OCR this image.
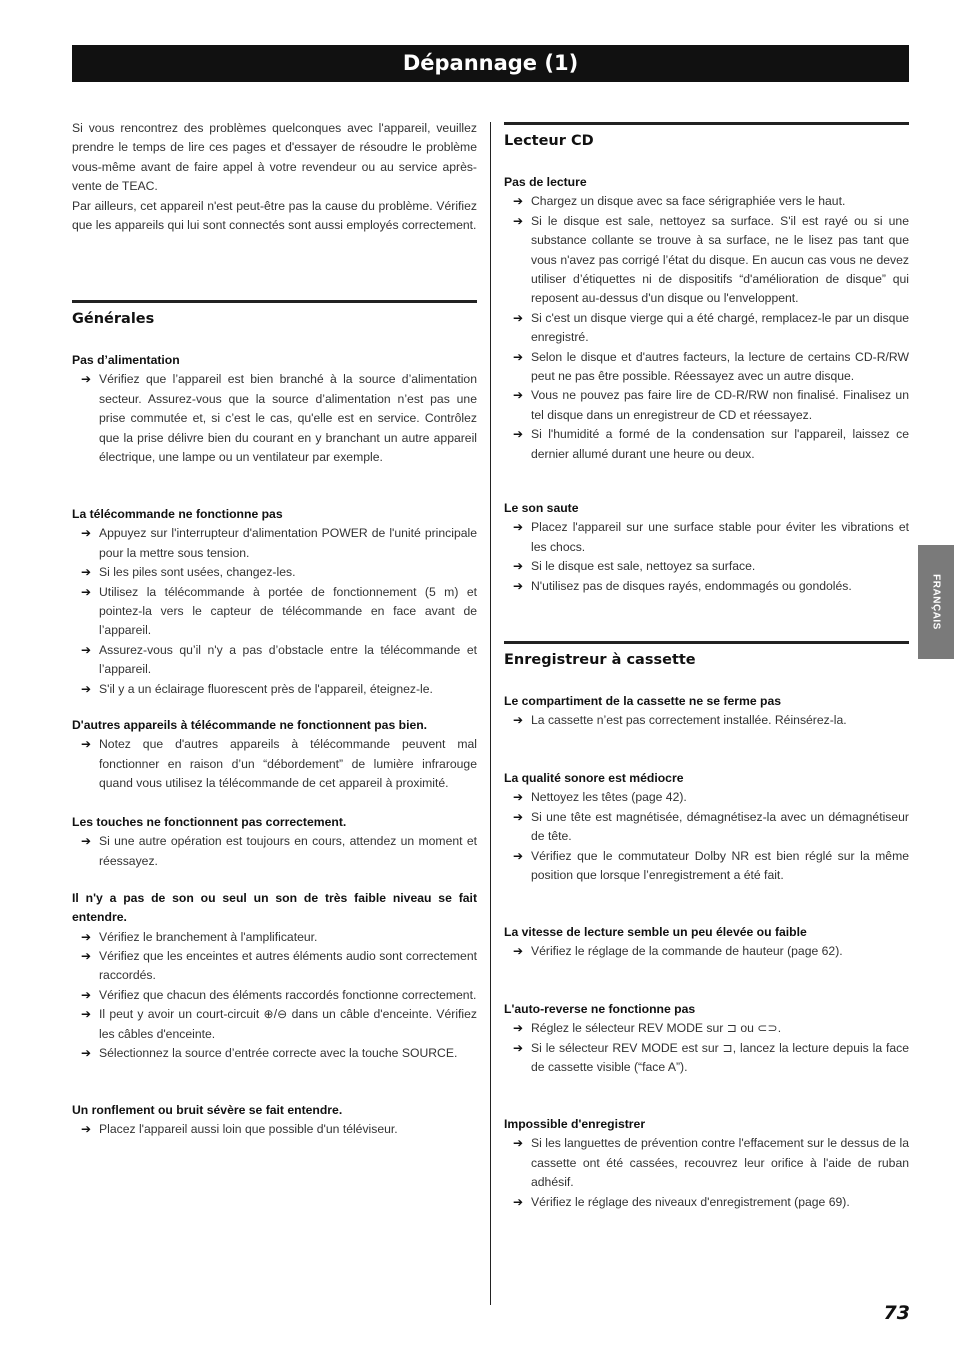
Dépannage (1)

Si vous rencontrez des problèmes quelconques avec l'appareil, veuillez prendre le temps de lire ces pages et d'essayer de résoudre le problème vous-même avant de faire appel à votre revendeur ou au service après-vente de TEAC.

Par ailleurs, cet appareil n'est peut-être pas la cause du problème. Vérifiez que les appareils qui lui sont connectés sont aussi employés correctement.

Générales
Pas d’alimentation
➔ Vérifiez que l’appareil est bien branché à la source d’alimentation secteur. Assurez-vous que la source d’alimentation n’est pas une prise commutée et, si c’est le cas, qu'elle est en service. Contrôlez que la prise délivre bien du courant en y branchant un autre appareil électrique, une lampe ou un ventilateur par exemple.
La télécommande ne fonctionne pas
➔ Appuyez sur l'interrupteur d'alimentation POWER de l'unité principale pour la mettre sous tension.
➔ Si les piles sont usées, changez-les.
➔ Utilisez la télécommande à portée de fonctionnement (5 m) et pointez-la vers le capteur de télécommande en face avant de l’appareil.
➔ Assurez-vous qu’il n'y a pas d’obstacle entre la télécommande et l’appareil.
➔ S'il y a un éclairage fluorescent près de l'appareil, éteignez-le.
D'autres appareils à télécommande ne fonctionnent pas bien.
➔ Notez que d'autres appareils à télécommande peuvent mal fonctionner en raison d’un “débordement” de lumière infrarouge quand vous utilisez la télécommande de cet appareil à proximité.
Les touches ne fonctionnent pas correctement.
➔ Si une autre opération est toujours en cours, attendez un moment et réessayez.
Il n'y a pas de son ou seul un son de très faible niveau se fait entendre.
➔ Vérifiez le branchement à l'amplificateur.
➔ Vérifiez que les enceintes et autres éléments audio sont correctement raccordés.
➔ Vérifiez que chacun des éléments raccordés fonctionne correctement.
➔ Il peut y avoir un court-circuit ⊕/⊖ dans un câble d'enceinte. Vérifiez les câbles d'enceinte.
➔ Sélectionnez la source d’entrée correcte avec la touche SOURCE.
Un ronflement ou bruit sévère se fait entendre.
➔ Placez l'appareil aussi loin que possible d'un téléviseur.
Lecteur CD
Pas de lecture
➔ Chargez un disque avec sa face sérigraphiée vers le haut.
➔ Si le disque est sale, nettoyez sa surface. S'il est rayé ou si une substance collante se trouve à sa surface, ne le lisez pas tant que vous n'avez pas corrigé l’état du disque. En aucun cas vous ne devez utiliser d’étiquettes ni de dispositifs “d'amélioration de disque” qui reposent au-dessus d'un disque ou l'enveloppent.
➔ Si c'est un disque vierge qui a été chargé, remplacez-le par un disque enregistré.
➔ Selon le disque et d'autres facteurs, la lecture de certains CD-R/RW peut ne pas être possible. Réessayez avec un autre disque.
➔ Vous ne pouvez pas faire lire de CD-R/RW non finalisé. Finalisez un tel disque dans un enregistreur de CD et réessayez.
➔ Si l'humidité a formé de la condensation sur l'appareil, laissez ce dernier allumé durant une heure ou deux.
Le son saute
➔ Placez l'appareil sur une surface stable pour éviter les vibrations et les chocs.
➔ Si le disque est sale, nettoyez sa surface.
➔ N'utilisez pas de disques rayés, endommagés ou gondolés.
Enregistreur à cassette
Le compartiment de la cassette ne se ferme pas
➔ La cassette n’est pas correctement installée. Réinsérez-la.
La qualité sonore est médiocre
➔ Nettoyez les têtes (page 42).
➔ Si une tête est magnétisée, démagnétisez-la avec un démagnétiseur de tête.
➔ Vérifiez que le commutateur Dolby NR est bien réglé sur la même position que lorsque l’enregistrement a été fait.
La vitesse de lecture semble un peu élevée ou faible
➔ Vérifiez le réglage de la commande de hauteur (page 62).
L'auto-reverse ne fonctionne pas
➔ Réglez le sélecteur REV MODE sur ⊐ ou ⊂⊃.
➔ Si le sélecteur REV MODE est sur ⊐, lancez la lecture depuis la face de cassette visible (“face A”).
Impossible d'enregistrer
➔ Si les languettes de prévention contre l'effacement sur le dessus de la cassette ont été cassées, recouvrez leur orifice à l'aide de ruban adhésif.
➔ Vérifiez le réglage des niveaux d'enregistrement (page 69).
FRANÇAIS
73
